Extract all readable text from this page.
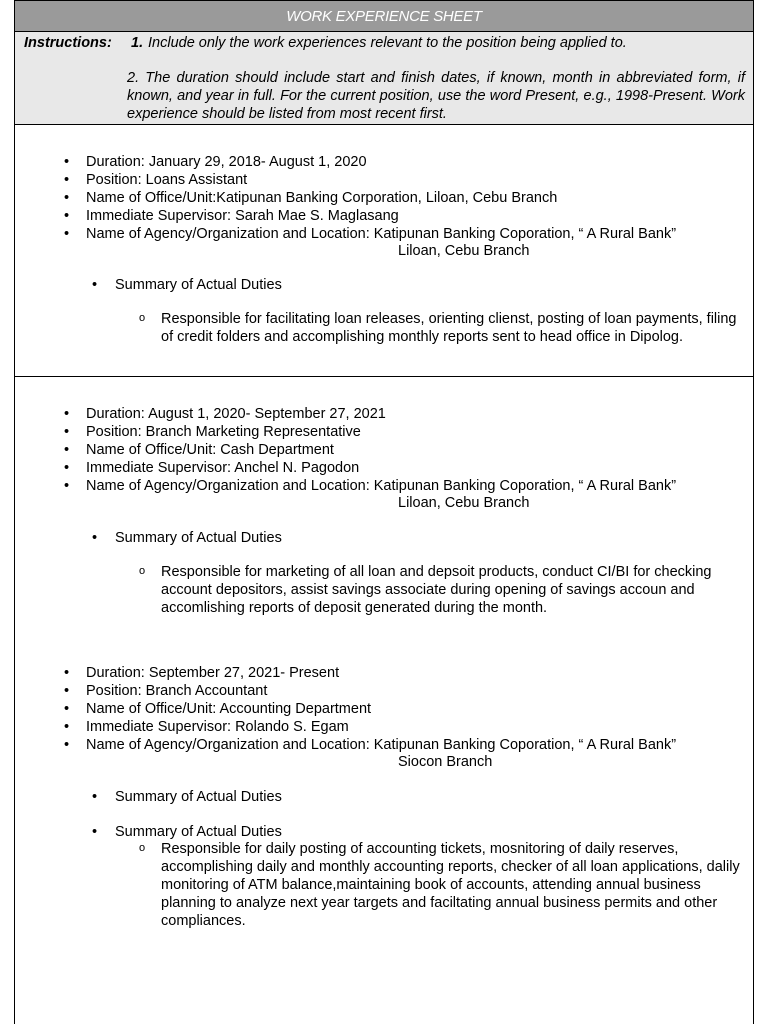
WORK EXPERIENCE SHEET
Instructions: 1. Include only the work experiences relevant to the position being applied to.
2. The duration should include start and finish dates, if known, month in abbreviated form, if known, and year in full. For the current position, use the word Present, e.g., 1998-Present. Work experience should be listed from most recent first.
Duration: January 29, 2018- August 1, 2020
Position: Loans Assistant
Name of Office/Unit:Katipunan Banking Corporation, Liloan, Cebu Branch
Immediate Supervisor: Sarah Mae S. Maglasang
Name of Agency/Organization and Location: Katipunan Banking Coporation, “ A Rural Bank”
Liloan, Cebu Branch
Summary of Actual Duties
o Responsible for facilitating loan releases, orienting clienst, posting of loan payments, filing of credit folders and accomplishing monthly reports sent to head office in Dipolog.
Duration: August 1, 2020- September 27, 2021
Position: Branch Marketing Representative
Name of Office/Unit: Cash Department
Immediate Supervisor: Anchel N. Pagodon
Name of Agency/Organization and Location: Katipunan Banking Coporation, “ A Rural Bank”
Liloan, Cebu Branch
Summary of Actual Duties
o Responsible for marketing of all loan and depsoit products, conduct CI/BI for checking account depositors, assist savings associate during opening of savings accoun and accomlishing reports of deposit generated during the month.
Duration: September 27, 2021- Present
Position: Branch Accountant
Name of Office/Unit: Accounting Department
Immediate Supervisor: Rolando S. Egam
Name of Agency/Organization and Location: Katipunan Banking Coporation, “ A Rural Bank”
Siocon Branch
Summary of Actual Duties
Summary of Actual Duties
o Responsible for daily posting of accounting tickets, mosnitoring of daily reserves, accomplishing daily and monthly accounting reports, checker of all loan applications, dalily monitoring of ATM balance,maintaining book of accounts, attending annual business planning to analyze next year targets and faciltating annual business permits and other compliances.
